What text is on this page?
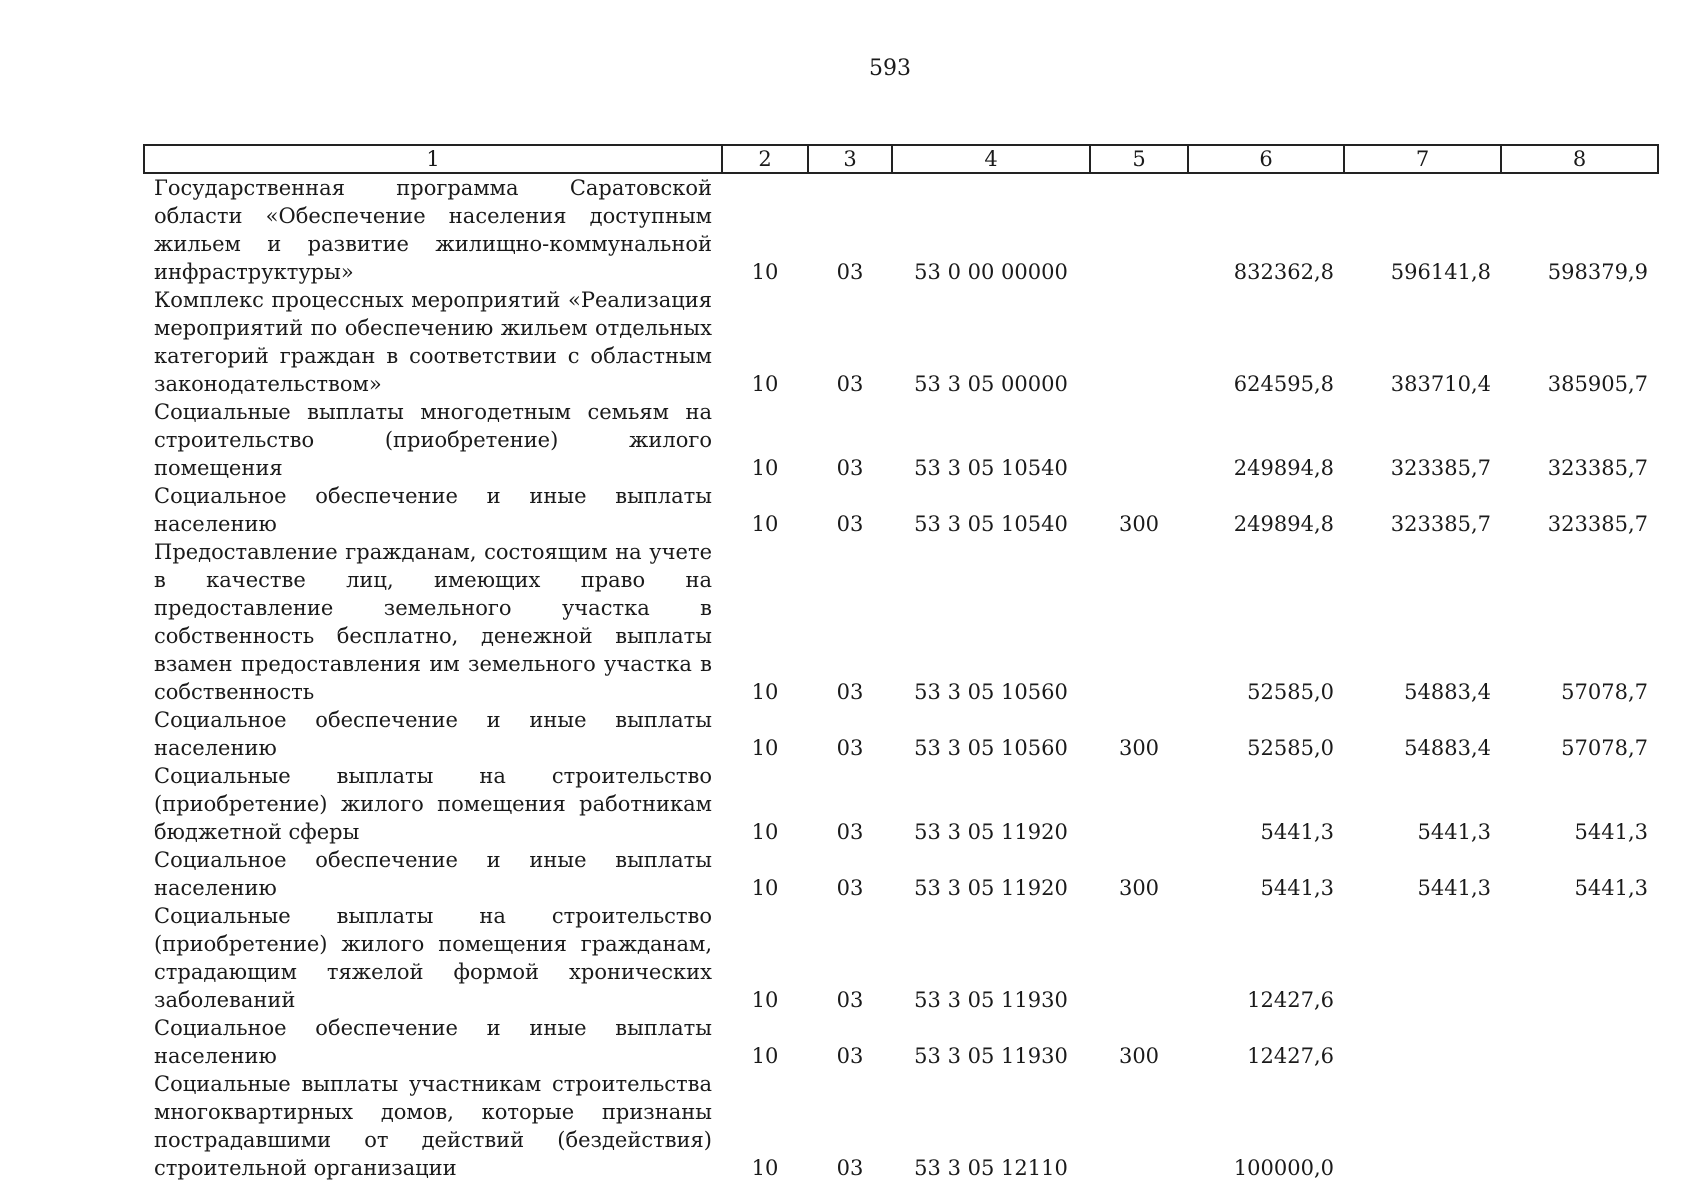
593
1	2	3	4	5	6	7	8
Государственная программа Саратовской области «Обеспечение населения доступным жильем и развитие жилищно-коммунальной инфраструктуры»	10	03	53 0 00 00000		832362,8	596141,8	598379,9
Комплекс процессных мероприятий «Реализация мероприятий по обеспечению жильем отдельных категорий граждан в соответствии с областным законодательством»	10	03	53 3 05 00000		624595,8	383710,4	385905,7
Социальные выплаты многодетным семьям на строительство (приобретение) жилого помещения	10	03	53 3 05 10540		249894,8	323385,7	323385,7
Социальное обеспечение и иные выплаты населению	10	03	53 3 05 10540	300	249894,8	323385,7	323385,7
Предоставление гражданам, состоящим на учете в качестве лиц, имеющих право на предоставление земельного участка в собственность бесплатно, денежной выплаты взамен предоставления им земельного участка в собственность	10	03	53 3 05 10560		52585,0	54883,4	57078,7
Социальное обеспечение и иные выплаты населению	10	03	53 3 05 10560	300	52585,0	54883,4	57078,7
Социальные выплаты на строительство (приобретение) жилого помещения работникам бюджетной сферы	10	03	53 3 05 11920		5441,3	5441,3	5441,3
Социальное обеспечение и иные выплаты населению	10	03	53 3 05 11920	300	5441,3	5441,3	5441,3
Социальные выплаты на строительство (приобретение) жилого помещения гражданам, страдающим тяжелой формой хронических заболеваний	10	03	53 3 05 11930		12427,6		
Социальное обеспечение и иные выплаты населению	10	03	53 3 05 11930	300	12427,6		
Социальные выплаты участникам строительства многоквартирных домов, которые признаны пострадавшими от действий (бездействия) строительной организации	10	03	53 3 05 12110		100000,0		
